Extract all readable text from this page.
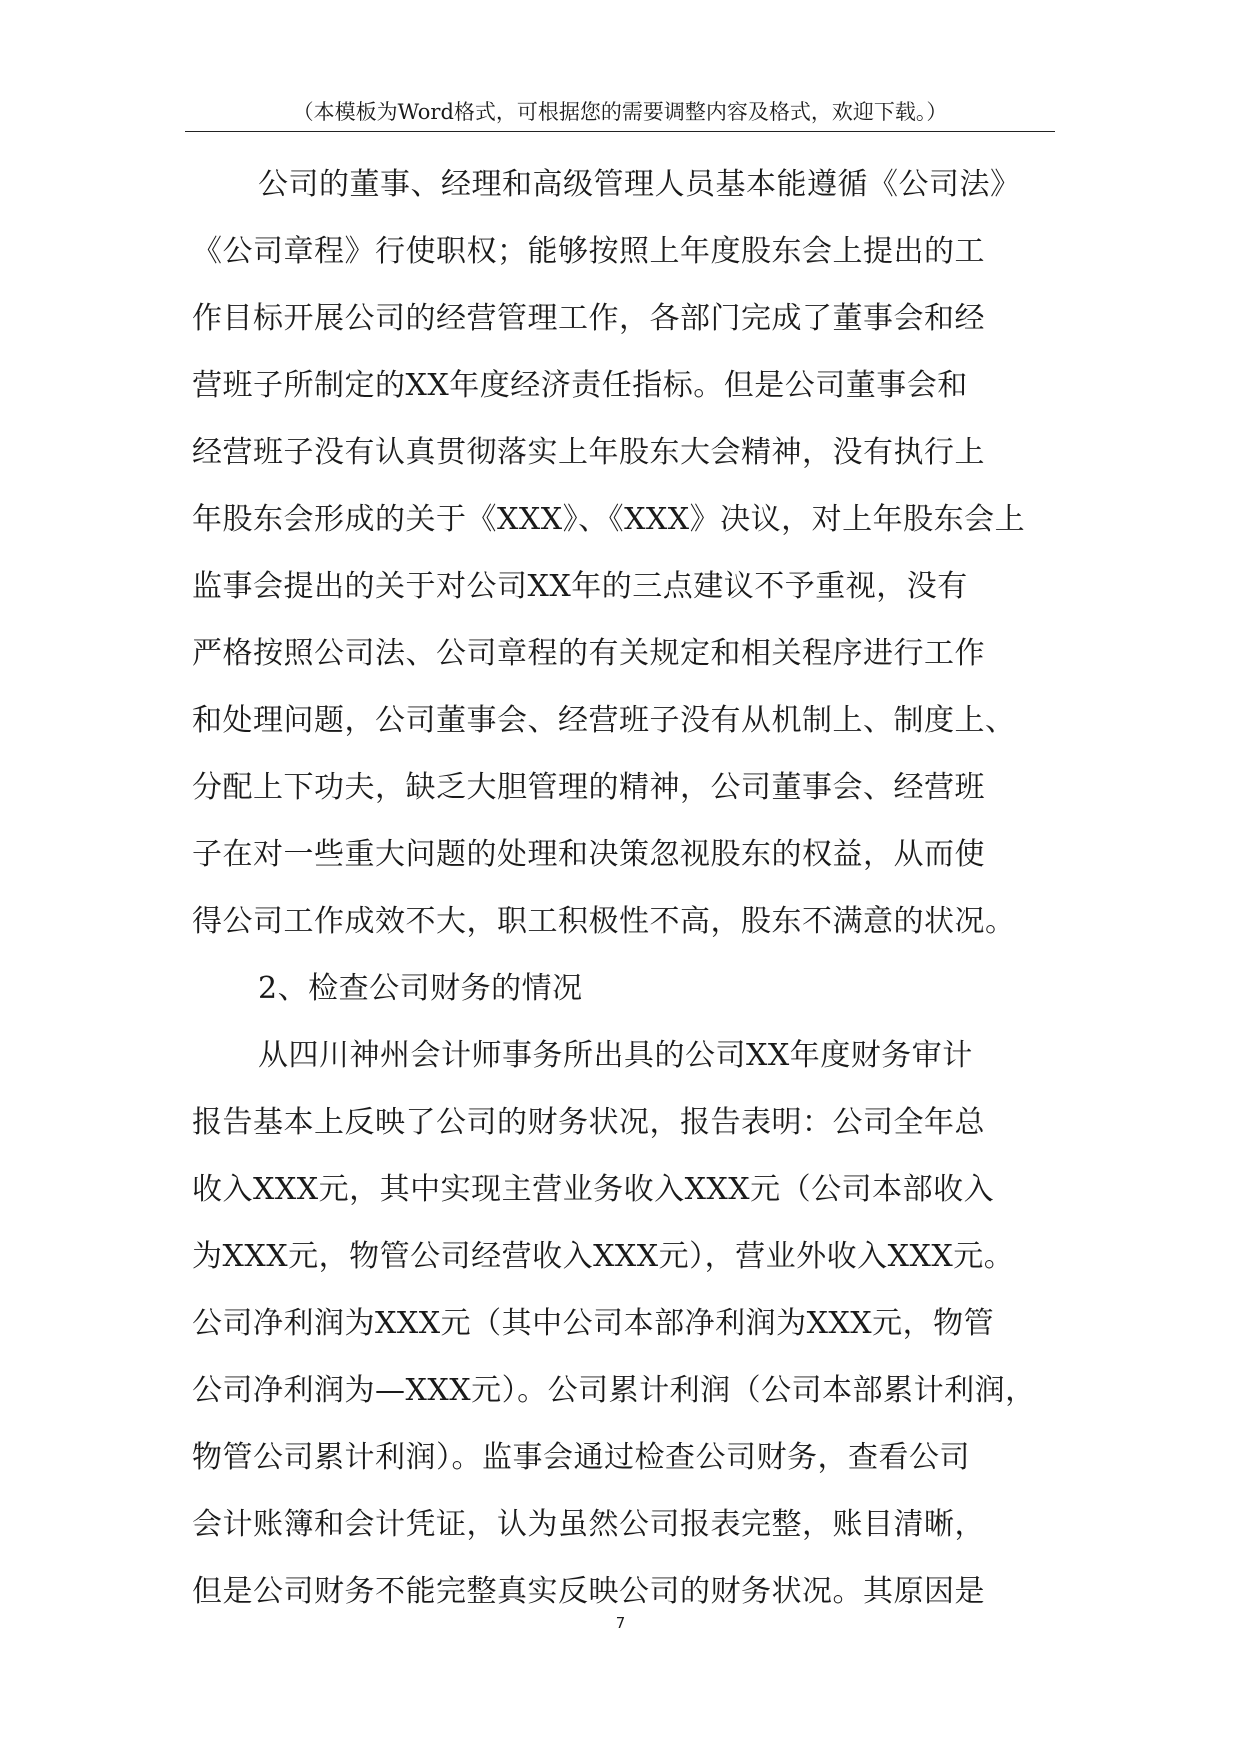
（本模板为Word格式，可根据您的需要调整内容及格式，欢迎下载。）
公司的董事、经理和高级管理人员基本能遵循《公司法》
《公司章程》行使职权；能够按照上年度股东会上提出的工
作目标开展公司的经营管理工作，各部门完成了董事会和经
营班子所制定的XX年度经济责任指标。但是公司董事会和
经营班子没有认真贯彻落实上年股东大会精神，没有执行上
年股东会形成的关于《XXX》、《XXX》决议，对上年股东会上
监事会提出的关于对公司XX年的三点建议不予重视，没有
严格按照公司法、公司章程的有关规定和相关程序进行工作
和处理问题，公司董事会、经营班子没有从机制上、制度上、
分配上下功夫，缺乏大胆管理的精神，公司董事会、经营班
子在对一些重大问题的处理和决策忽视股东的权益，从而使
得公司工作成效不大，职工积极性不高，股东不满意的状况。
2、检查公司财务的情况
从四川神州会计师事务所出具的公司XX年度财务审计
报告基本上反映了公司的财务状况，报告表明：公司全年总
收入XXX元，其中实现主营业务收入XXX元（公司本部收入
为XXX元，物管公司经营收入XXX元），营业外收入XXX元。
公司净利润为XXX元（其中公司本部净利润为XXX元，物管
公司净利润为—XXX元）。公司累计利润（公司本部累计利润，
物管公司累计利润）。监事会通过检查公司财务，查看公司
会计账簿和会计凭证，认为虽然公司报表完整，账目清晰，
但是公司财务不能完整真实反映公司的财务状况。其原因是
7
